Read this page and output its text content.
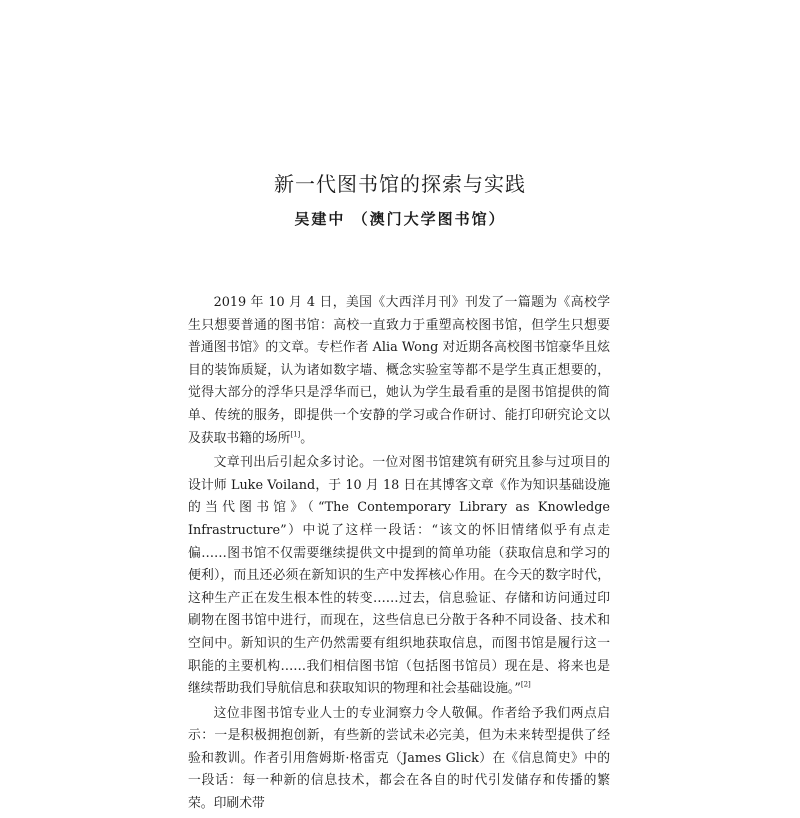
新一代图书馆的探索与实践
吴建中 （澳门大学图书馆）

2019 年 10 月 4 日，美国《大西洋月刊》刊发了一篇题为《高校学生只想要普通的图书馆：高校一直致力于重塑高校图书馆，但学生只想要普通图书馆》的文章。专栏作者 Alia Wong 对近期各高校图书馆豪华且炫目的装饰质疑，认为诸如数字墙、概念实验室等都不是学生真正想要的，觉得大部分的浮华只是浮华而已，她认为学生最看重的是图书馆提供的简单、传统的服务，即提供一个安静的学习或合作研讨、能打印研究论文以及获取书籍的场所[1]。

文章刊出后引起众多讨论。一位对图书馆建筑有研究且参与过项目的设计师 Luke Voiland，于 10 月 18 日在其博客文章《作为知识基础设施的当代图书馆》（“The Contemporary Library as Knowledge Infrastructure”）中说了这样一段话：“该文的怀旧情绪似乎有点走偏……图书馆不仅需要继续提供文中提到的简单功能（获取信息和学习的便利），而且还必须在新知识的生产中发挥核心作用。在今天的数字时代，这种生产正在发生根本性的转变……过去，信息验证、存储和访问通过印刷物在图书馆中进行，而现在，这些信息已分散于各种不同设备、技术和空间中。新知识的生产仍然需要有组织地获取信息，而图书馆是履行这一职能的主要机构……我们相信图书馆（包括图书馆员）现在是、将来也是继续帮助我们导航信息和获取知识的物理和社会基础设施。”[2]

这位非图书馆专业人士的专业洞察力令人敬佩。作者给予我们两点启示：一是积极拥抱创新，有些新的尝试未必完美，但为未来转型提供了经验和教训。作者引用詹姆斯·格雷克（James Glick）在《信息简史》中的一段话：每一种新的信息技术，都会在各自的时代引发储存和传播的繁荣。印刷术带
